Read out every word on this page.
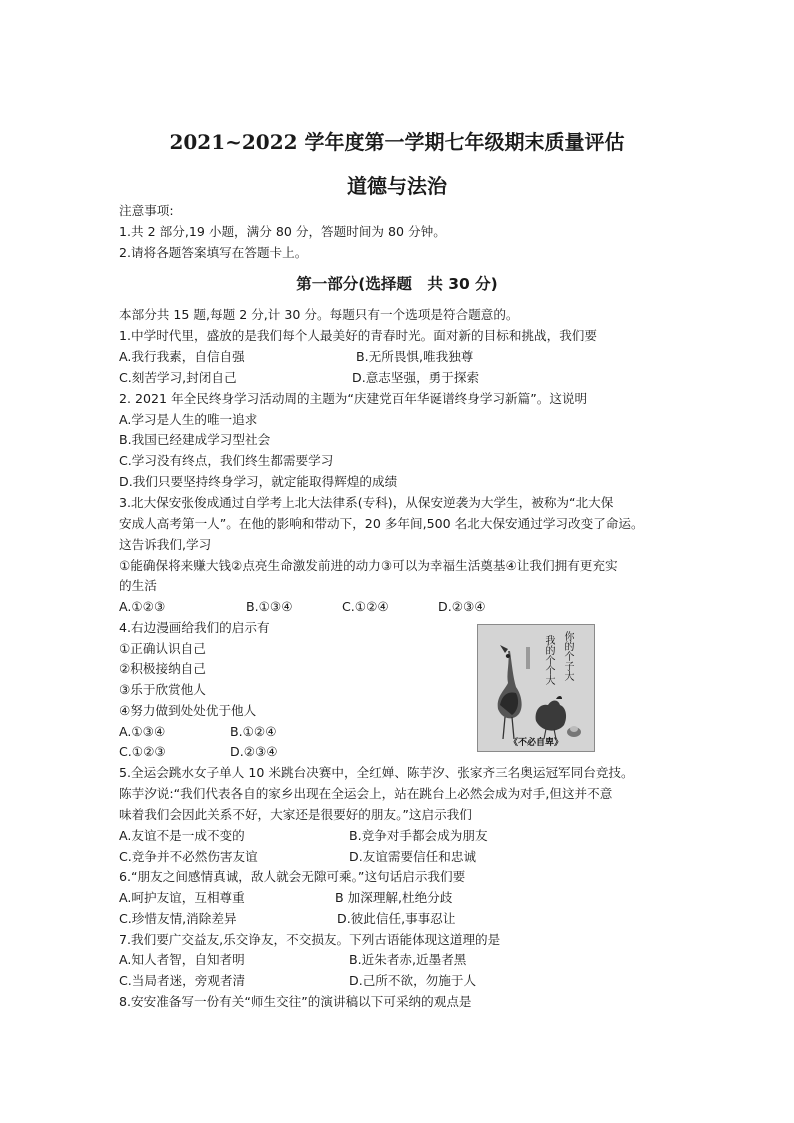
2021~2022 学年度第一学期七年级期末质量评估
道德与法治
注意事项:
1.共 2 部分,19 小题，满分 80 分，答题时间为 80 分钟。
2.请将各题答案填写在答题卡上。
第一部分(选择题　共 30 分)
本部分共 15 题,每题 2 分,计 30 分。每题只有一个选项是符合题意的。
1.中学时代里，盛放的是我们每个人最美好的青春时光。面对新的目标和挑战，我们要
A.我行我素，自信自强	B.无所畏惧,唯我独尊
C.刻苦学习,封闭自己	D.意志坚强，勇于探索
2. 2021 年全民终身学习活动周的主题为“庆建党百年华诞谱终身学习新篇”。这说明
A.学习是人生的唯一追求
B.我国已经建成学习型社会
C.学习没有终点，我们终生都需要学习
D.我们只要坚持终身学习，就定能取得辉煌的成绩
3.北大保安张俊成通过自学考上北大法律系(专科)，从保安逆袭为大学生，被称为“北大保
安成人高考第一人”。在他的影响和带动下，20 多年间,500 名北大保安通过学习改变了命运。
这告诉我们,学习
①能确保将来赚大钱②点亮生命激发前进的动力③可以为幸福生活奠基④让我们拥有更充实
的生活
A.①②③	B.①③④	C.①②④	D.②③④
4.右边漫画给我们的启示有
①正确认识自己
②积极接纳自己
③乐于欣赏他人
④努力做到处处优于他人
A.①③④	B.①②④
C.①②③	D.②③④
你的个子大
我的个个大
《不必自卑》
5.全运会跳水女子单人 10 米跳台决赛中，全红婵、陈芋汐、张家齐三名奥运冠军同台竞技。
陈芋汐说:“我们代表各自的家乡出现在全运会上，站在跳台上必然会成为对手,但这并不意
味着我们会因此关系不好，大家还是很要好的朋友。”这启示我们
A.友谊不是一成不变的	B.竞争对手都会成为朋友
C.竞争并不必然伤害友谊	D.友谊需要信任和忠诚
6.“朋友之间感情真诚，敌人就会无隙可乘。”这句话启示我们要
A.呵护友谊，互相尊重	B 加深理解,杜绝分歧
C.珍惜友情,消除差异	D.彼此信任,事事忍让
7.我们要广交益友,乐交诤友，不交损友。下列古语能体现这道理的是
A.知人者智，自知者明	B.近朱者赤,近墨者黑
C.当局者迷，旁观者清	D.己所不欲，勿施于人
8.安安准备写一份有关“师生交往”的演讲稿以下可采纳的观点是
